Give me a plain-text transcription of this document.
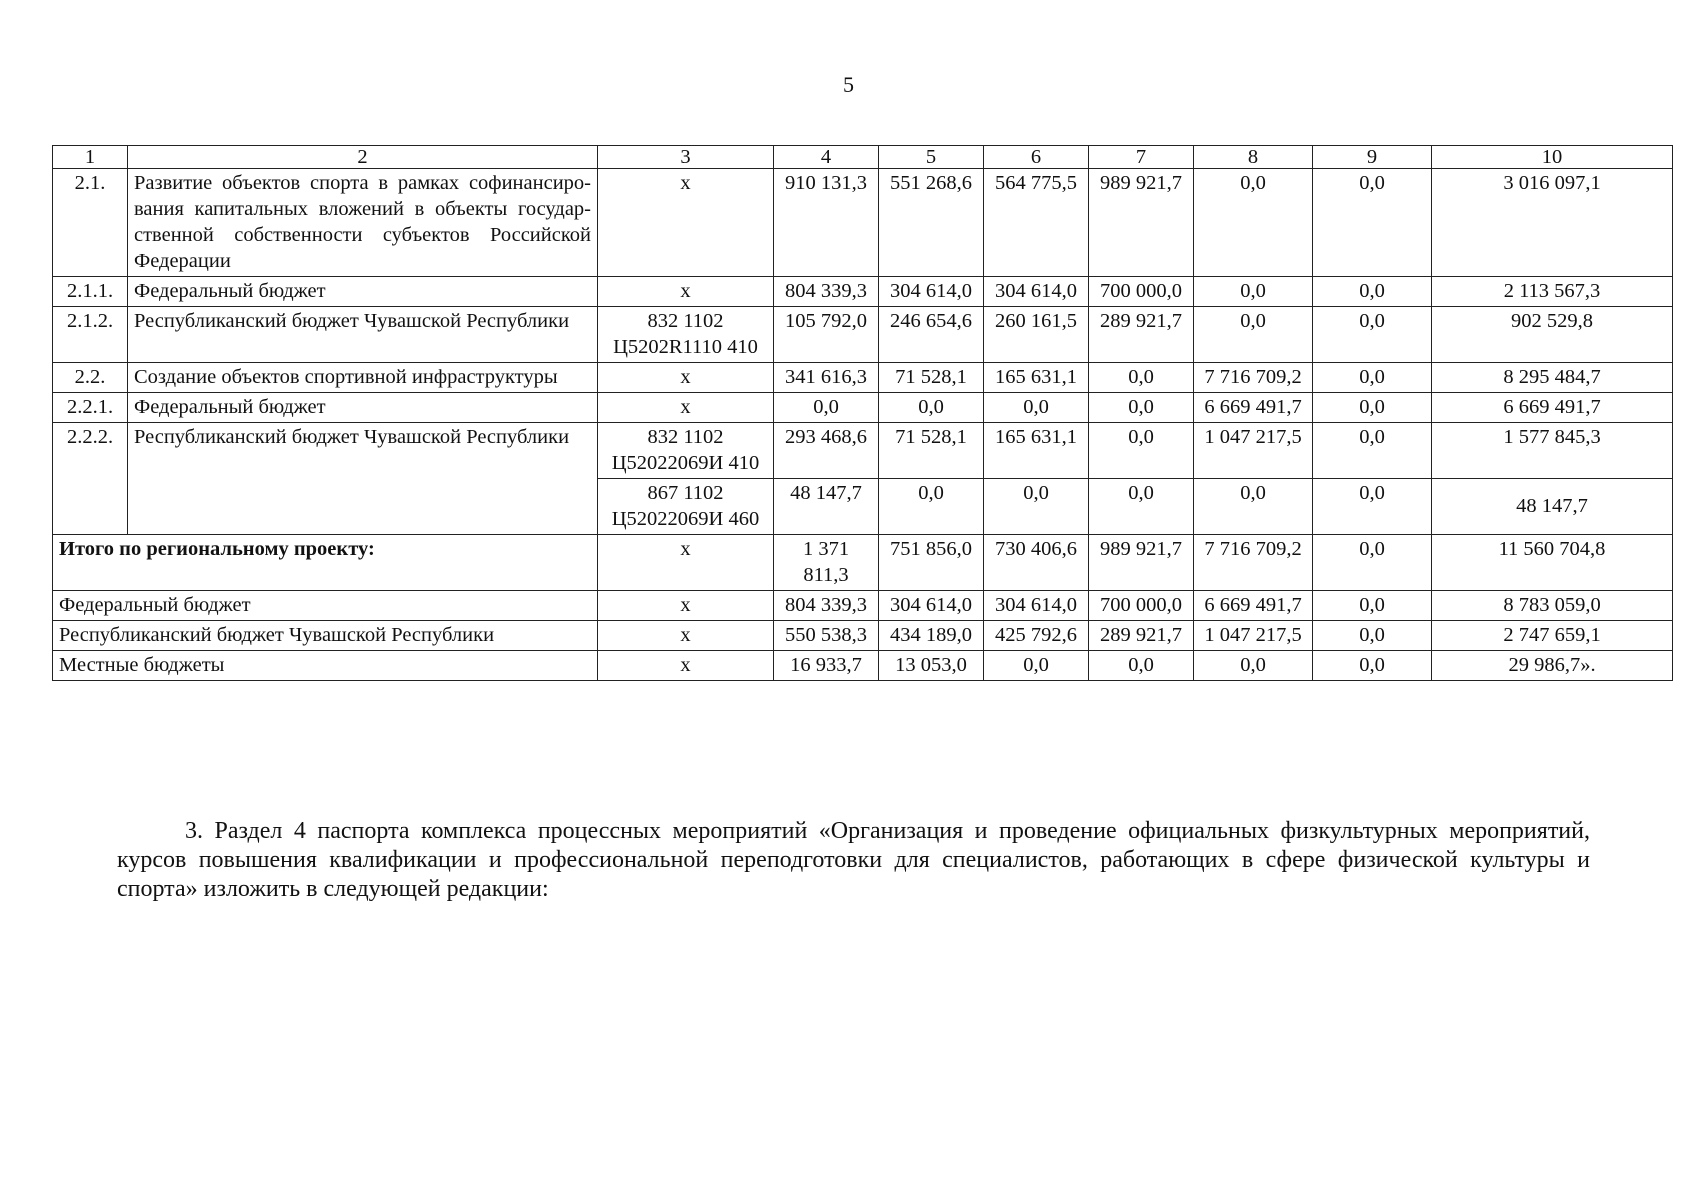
5
1	2	3	4	5	6	7	8	9	10
2.1.	Развитие объектов спорта в рамках софинансиро-вания капитальных вложений в объекты государ-ственной собственности субъектов Российской Федерации	x	910 131,3	551 268,6	564 775,5	989 921,7	0,0	0,0	3 016 097,1
2.1.1.	Федеральный бюджет	x	804 339,3	304 614,0	304 614,0	700 000,0	0,0	0,0	2 113 567,3
2.1.2.	Республиканский бюджет Чувашской Республики	832 1102 Ц5202R1110 410	105 792,0	246 654,6	260 161,5	289 921,7	0,0	0,0	902 529,8
2.2.	Создание объектов спортивной инфраструктуры	x	341 616,3	71 528,1	165 631,1	0,0	7 716 709,2	0,0	8 295 484,7
2.2.1.	Федеральный бюджет	x	0,0	0,0	0,0	0,0	6 669 491,7	0,0	6 669 491,7
2.2.2.	Республиканский бюджет Чувашской Республики	832 1102 Ц52022069И 410	293 468,6	71 528,1	165 631,1	0,0	1 047 217,5	0,0	1 577 845,3
		867 1102 Ц52022069И 460	48 147,7	0,0	0,0	0,0	0,0	0,0	48 147,7
Итого по региональному проекту:		x	1 371 811,3	751 856,0	730 406,6	989 921,7	7 716 709,2	0,0	11 560 704,8
Федеральный бюджет		x	804 339,3	304 614,0	304 614,0	700 000,0	6 669 491,7	0,0	8 783 059,0
Республиканский бюджет Чувашской Республики		x	550 538,3	434 189,0	425 792,6	289 921,7	1 047 217,5	0,0	2 747 659,1
Местные бюджеты		x	16 933,7	13 053,0	0,0	0,0	0,0	0,0	29 986,7».

3. Раздел 4 паспорта комплекса процессных мероприятий «Организация и проведение официальных физкультурных мероприятий, курсов повышения квалификации и профессиональной переподготовки для специалистов, работающих в сфере физической культуры и спорта» изложить в следующей редакции:
